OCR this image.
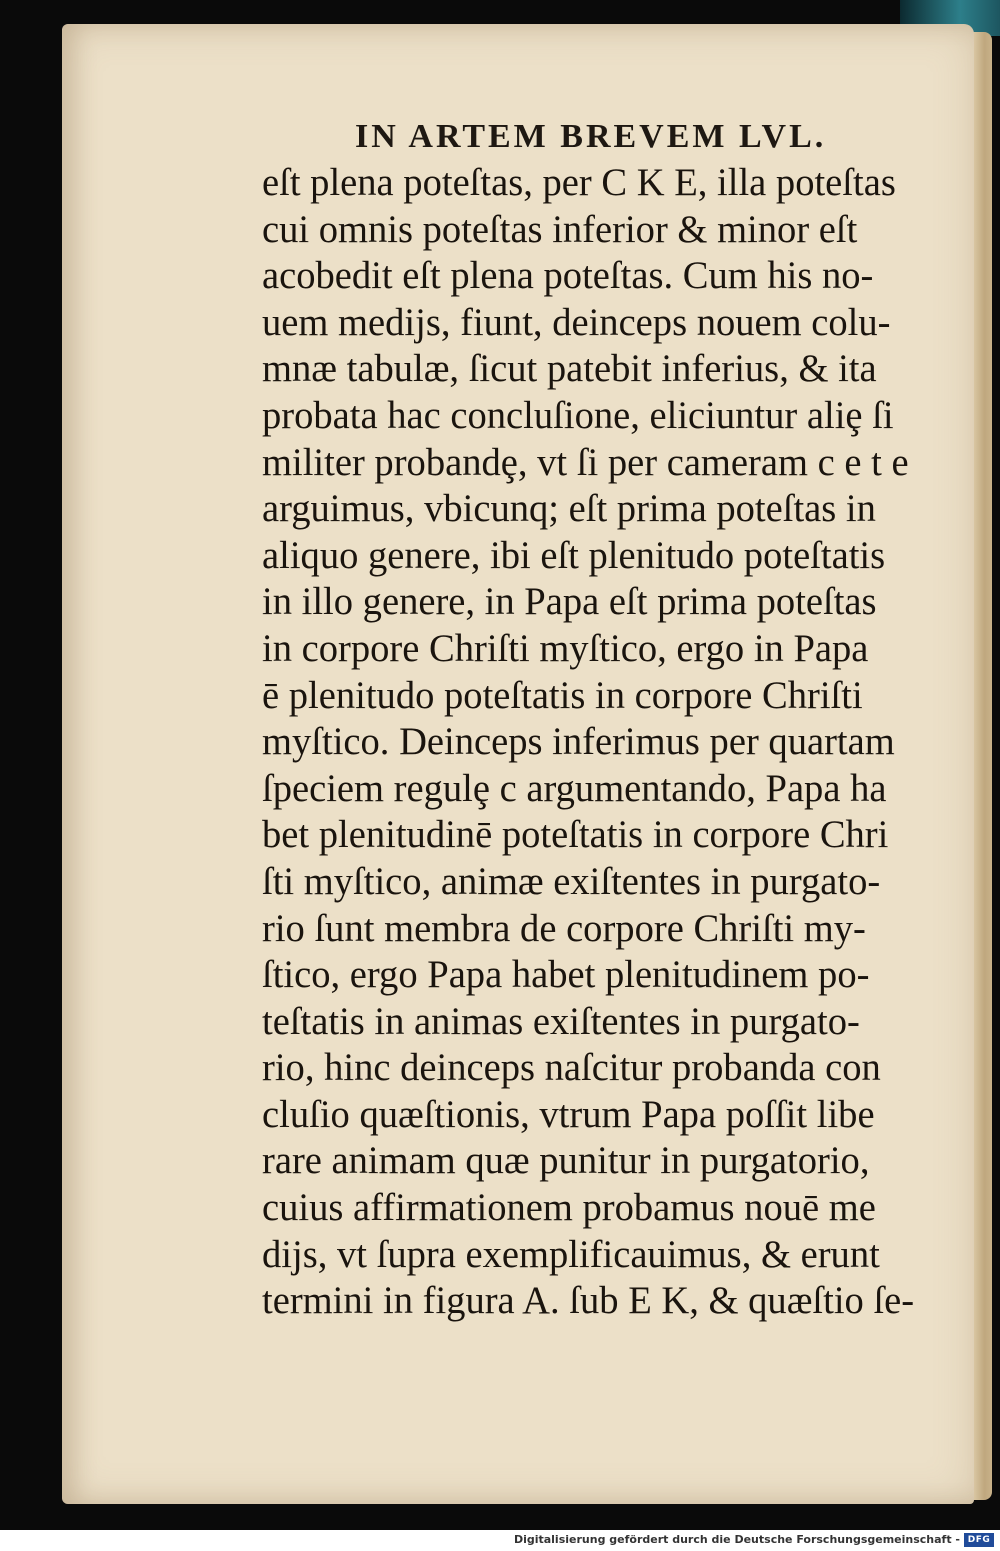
IN ARTEM BREVEM LVL.
eſt plena poteſtas, per C K E, illa poteſtas
cui omnis poteſtas inferior & minor eſt
acobedit eſt plena poteſtas. Cum his no-
uem medijs, fiunt, deinceps nouem colu-
mnæ tabulæ, ſicut patebit inferius, & ita
probata hac concluſione, eliciuntur aliȩ ſi
militer probandȩ, vt ſi per cameram c e t e
arguimus, vbicunq; eſt prima poteſtas in
aliquo genere, ibi eſt plenitudo poteſtatis
in illo genere, in Papa eſt prima poteſtas
in corpore Chriſti myſtico, ergo in Papa
ē plenitudo poteſtatis in corpore Chriſti
myſtico. Deinceps inferimus per quartam
ſpeciem regulȩ c argumentando, Papa ha
bet plenitudinē poteſtatis in corpore Chri
ſti myſtico, animæ exiſtentes in purgato-
rio ſunt membra de corpore Chriſti my-
ſtico, ergo Papa habet plenitudinem po-
teſtatis in animas exiſtentes in purgato-
rio, hinc deinceps naſcitur probanda con
cluſio quæſtionis, vtrum Papa poſſit libe
rare animam quæ punitur in purgatorio,
cuius affirmationem probamus nouē me
dijs, vt ſupra exemplificauimus, & erunt
termini in figura A. ſub E K, & quæſtio ſe-
Digitalisierung gefördert durch die Deutsche Forschungsgemeinschaft - DFG
